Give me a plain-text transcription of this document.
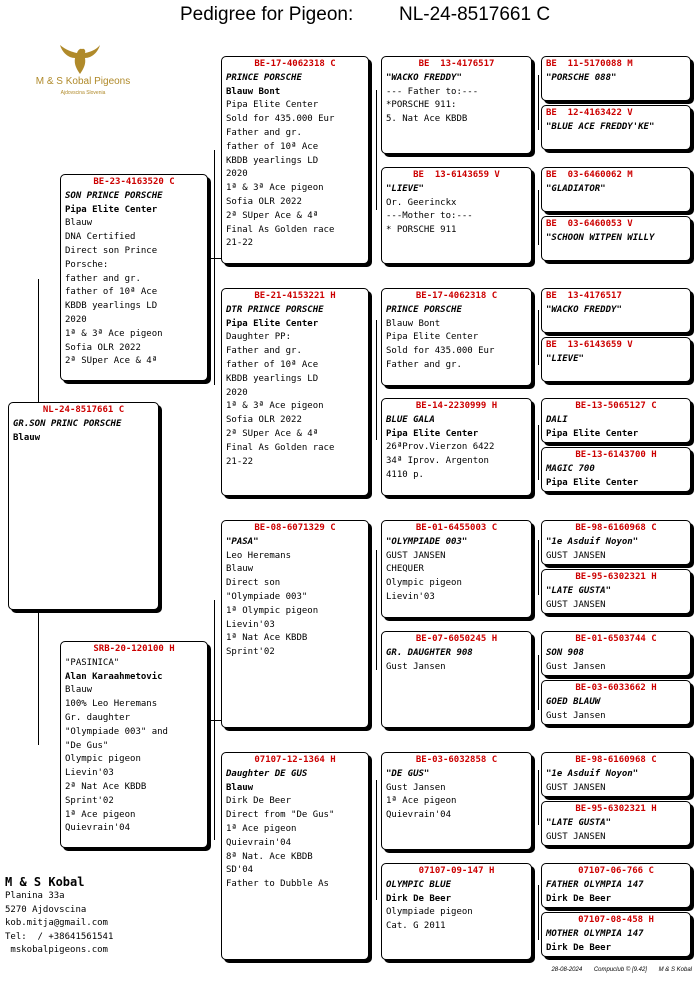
Pedigree for Pigeon: NL-24-8517661 C
M & S Kobal Pigeons
Ajdovscina Slovenia
NL-24-8517661 C
GR.SON PRINC PORSCHE
Blauw
BE-23-4163520 C
SON PRINCE PORSCHE
Pipa Elite Center
Blauw
DNA Certified
Direct son Prince
Porsche:
father and gr.
father of 10ª Ace
KBDB yearlings LD
2020
1ª & 3ª Ace pigeon
Sofia OLR 2022
2ª SUper Ace & 4ª
SRB-20-120100 H
"PASINICA"
Alan Karaahmetovic
Blauw
100% Leo Heremans
Gr. daughter
"Olympiade 003" and
"De Gus"
Olympic pigeon
Lievin'03
2ª Nat Ace KBDB
Sprint'02
1ª Ace pigeon
Quievrain'04
BE-17-4062318 C
PRINCE PORSCHE
Blauw Bont
Pipa Elite Center
Sold for 435.000 Eur
Father and gr.
father of 10ª Ace
KBDB yearlings LD
2020
1ª & 3ª Ace pigeon
Sofia OLR 2022
2ª SUper Ace & 4ª
Final As Golden race
21-22
BE-21-4153221 H
DTR PRINCE PORSCHE
Pipa Elite Center
Daughter PP:
Father and gr.
father of 10ª Ace
KBDB yearlings LD
2020
1ª & 3ª Ace pigeon
Sofia OLR 2022
2ª SUper Ace & 4ª
Final As Golden race
21-22
BE-08-6071329 C
"PASA"
Leo Heremans
Blauw
Direct son
"Olympiade 003"
1ª Olympic pigeon
Lievin'03
1ª Nat Ace KBDB
Sprint'02
07107-12-1364 H
Daughter DE GUS
Blauw
Dirk De Beer
Direct from "De Gus"
1ª Ace pigeon
Quievrain'04
8ª Nat. Ace KBDB
SD'04
Father to Dubble As
BE  13-4176517
"WACKO FREDDY"
--- Father to:---
*PORSCHE 911:
5. Nat Ace KBDB
BE  13-6143659 V
"LIEVE"
Or. Geerinckx
---Mother to:---
* PORSCHE 911
BE-17-4062318 C
PRINCE PORSCHE
Blauw Bont
Pipa Elite Center
Sold for 435.000 Eur
Father and gr.
BE-14-2230999 H
BLUE GALA
Pipa Elite Center
26ªProv.Vierzon 6422
34ª Iprov. Argenton
4110 p.
BE-01-6455003 C
"OLYMPIADE 003"
GUST JANSEN
CHEQUER
Olympic pigeon
Lievin'03
BE-07-6050245 H
GR. DAUGHTER 908
Gust Jansen
BE-03-6032858 C
"DE GUS"
Gust Jansen
1ª Ace pigeon
Quievrain'04
07107-09-147 H
OLYMPIC BLUE
Dirk De Beer
Olympiade pigeon
Cat. G 2011
BE  11-5170088 M
"PORSCHE 088"
BE  12-4163422 V
"BLUE ACE FREDDY'KE"
BE  03-6460062 M
"GLADIATOR"
BE  03-6460053 V
"SCHOON WITPEN WILLY
BE  13-4176517
"WACKO FREDDY"
BE  13-6143659 V
"LIEVE"
BE-13-5065127 C
DALI
Pipa Elite Center
BE-13-6143700 H
MAGIC 700
Pipa Elite Center
BE-98-6160968 C
"1e Asduif Noyon"
GUST JANSEN
BE-95-6302321 H
"LATE GUSTA"
GUST JANSEN
BE-01-6503744 C
SON 908
Gust Jansen
BE-03-6033662 H
GOED BLAUW
Gust Jansen
BE-98-6160968 C
"1e Asduif Noyon"
GUST JANSEN
BE-95-6302321 H
"LATE GUSTA"
GUST JANSEN
07107-06-766 C
FATHER OLYMPIA 147
Dirk De Beer
07107-08-458 H
MOTHER OLYMPIA 147
Dirk De Beer
M & S Kobal
Planina 33a
5270 Ajdovscina
kob.mitja@gmail.com
Tel:  / +38641561541
mskobalpigeons.com
28-08-2024 Compuclub © [9.42] M & S Kobal
